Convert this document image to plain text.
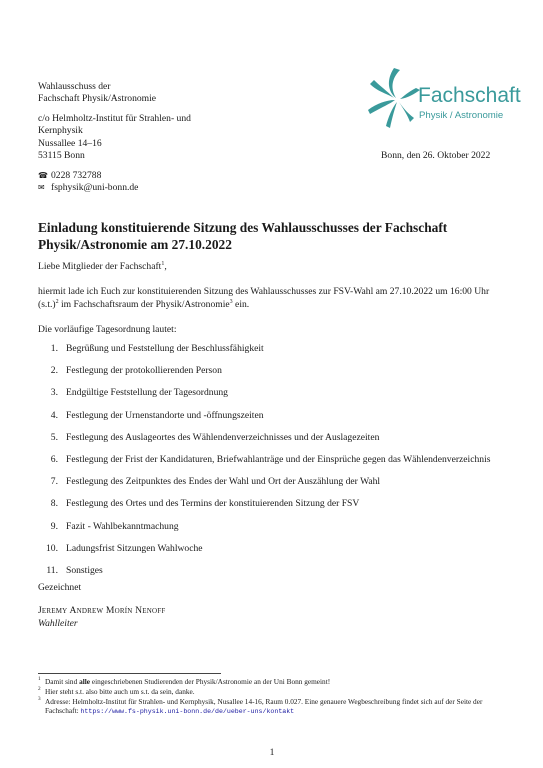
Wahlausschuss der
Fachschaft Physik/Astronomie
c/o Helmholtz-Institut für Strahlen- und
Kernphysik
Nussallee 14–16
53115 Bonn
☎ 0228 732788
✉ fsphysik@uni-bonn.de
Fachschaft
Physik / Astronomie
Bonn, den 26. Oktober 2022
Einladung konstituierende Sitzung des Wahlausschusses der Fachschaft Physik/Astronomie am 27.10.2022
Liebe Mitglieder der Fachschaft$^1$,
hiermit lade ich Euch zur konstituierenden Sitzung des Wahlausschusses zur FSV-Wahl am 27.10.2022 um 16:00 Uhr $(s.t.)^2$ im Fachschaftsraum der Physik/Astronomie$^3$ ein.
Die vorläufige Tagesordnung lautet:
1. Begrüßung und Feststellung der Beschlussfähigkeit
2. Festlegung der protokollierenden Person
3. Endgültige Feststellung der Tagesordnung
4. Festlegung der Urnenstandorte und -öffnungszeiten
5. Festlegung des Auslageortes des Wählendenverzeichnisses und der Auslagezeiten
6. Festlegung der Frist der Kandidaturen, Briefwahlanträge und der Einsprüche gegen das Wählendenverzeichnis
7. Festlegung des Zeitpunktes des Endes der Wahl und Ort der Auszählung der Wahl
8. Festlegung des Ortes und des Termins der konstituierenden Sitzung der FSV
9. Fazit - Wahlbekanntmachung
10. Ladungsfrist Sitzungen Wahlwoche
11. Sonstiges
Gezeichnet
Jeremy Andrew Morín Nenoff
Wahlleiter
1 Damit sind alle eingeschriebenen Studierenden der Physik/Astronomie an der Uni Bonn gemeint!
2 Hier steht s.t. also bitte auch um s.t. da sein, danke.
3 Adresse: Helmholtz-Institut für Strahlen- und Kernphysik, Nusallee 14-16, Raum 0.027. Eine genauere Wegbeschreibung findet sich auf der Seite der Fachschaft: https://www.fs-physik.uni-bonn.de/de/ueber-uns/kontakt
1
